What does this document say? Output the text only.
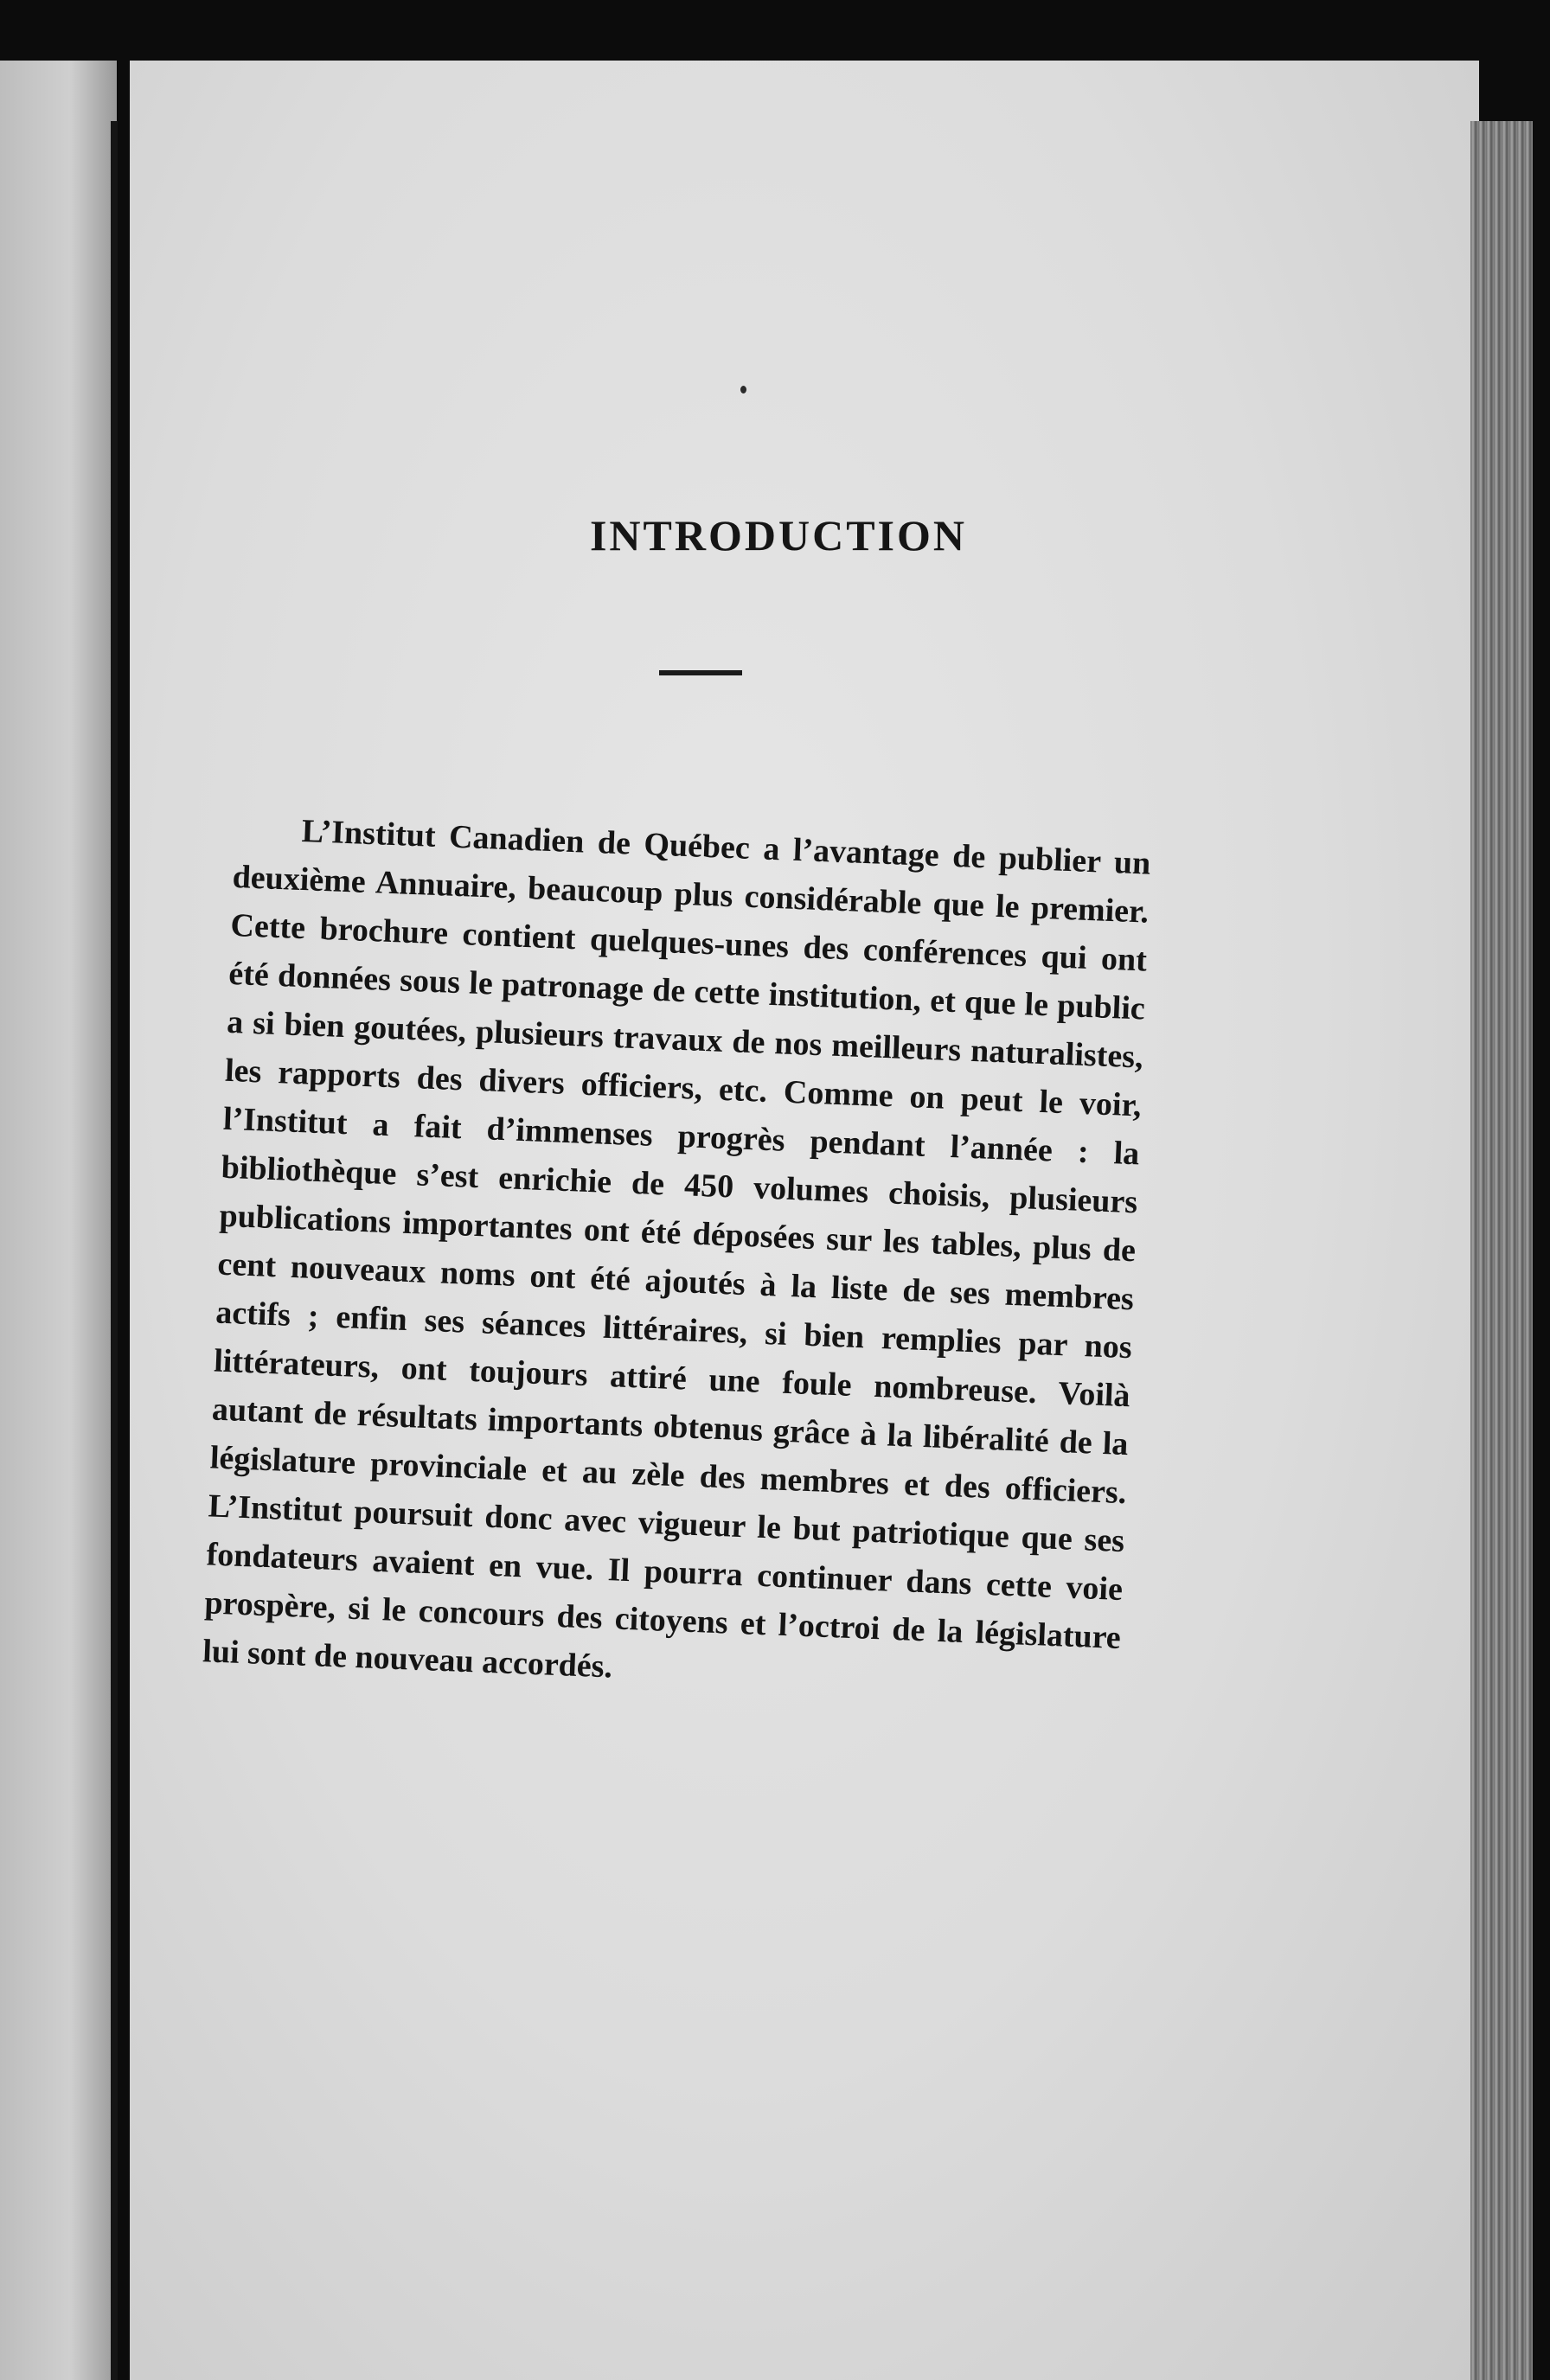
INTRODUCTION

L’Institut Canadien de Québec a l’avantage de publier un deuxième Annuaire, beaucoup plus considérable que le premier. Cette brochure contient quelques-unes des conférences qui ont été données sous le patronage de cette institution, et que le public a si bien goutées, plusieurs travaux de nos meilleurs naturalistes, les rapports des divers officiers, etc. Comme on peut le voir, l’Institut a fait d’immenses progrès pendant l’année : la bibliothèque s’est enrichie de 450 volumes choisis, plusieurs publications importantes ont été déposées sur les tables, plus de cent nouveaux noms ont été ajoutés à la liste de ses membres actifs ; enfin ses séances littéraires, si bien remplies par nos littérateurs, ont toujours attiré une foule nombreuse. Voilà autant de résultats importants obtenus grâce à la libéralité de la législature provinciale et au zèle des membres et des officiers. L’Institut poursuit donc avec vigueur le but patriotique que ses fondateurs avaient en vue. Il pourra continuer dans cette voie prospère, si le concours des citoyens et l’octroi de la législature lui sont de nouveau accordés.
